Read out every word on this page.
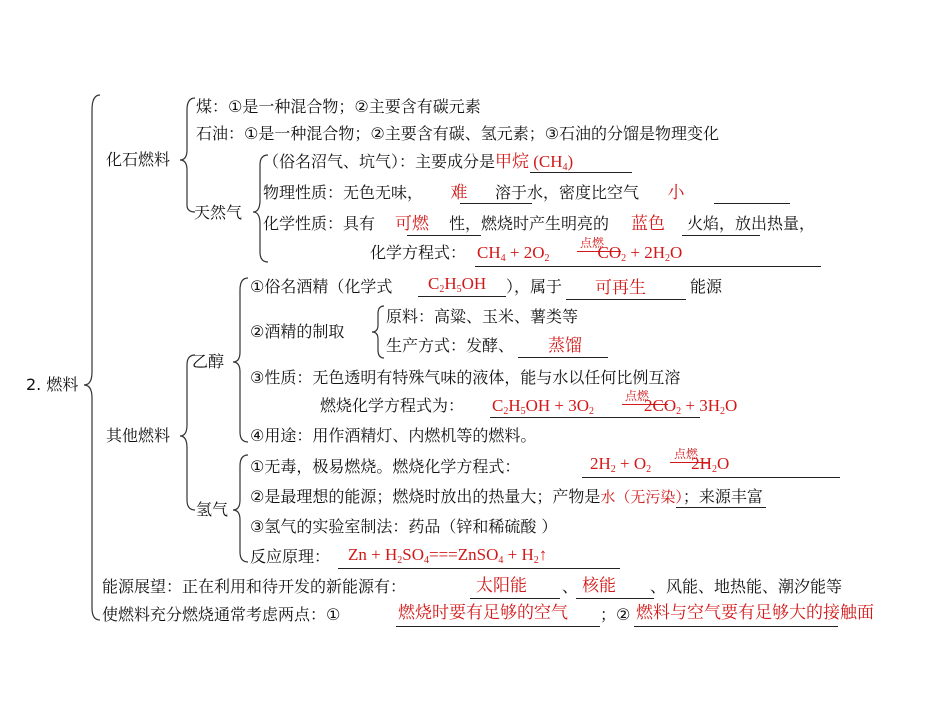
2. 燃料
化石燃料
煤：①是一种混合物；②主要含有碳元素
石油：①是一种混合物；②主要含有碳、氢元素；③石油的分馏是物理变化
天然气
（俗名沼气、坑气）：主要成分是甲烷 $(CH_4)$
物理性质：无色无味， 难 溶于水，密度比空气 小
化学性质：具有 可燃 性，燃烧时产生明亮的 蓝色 火焰，放出热量，
化学方程式： $CH_4 + 2O_2$	$CO_2 + 2H_2O$
点燃
其他燃料
乙醇
①俗名酒精（化学式 $C_2H_5OH$ ），属于 可再生	能源
②酒精的制取
原料：高粱、玉米、薯类等
生产方式：发酵、 蒸馏
③性质：无色透明有特殊气味的液体，能与水以任何比例互溶
燃烧化学方程式为： $C_2H_5OH + 3O_2$	$2CO_2 + 3H_2O$
点燃
④用途：用作酒精灯、内燃机等的燃料。
氢气
①无毒，极易燃烧。燃烧化学方程式：	$2H_2 + O_2$ $2H_2O$
点燃
②是最理想的能源；燃烧时放出的热量大；产物是水（无污染）；来源丰富
③氢气的实验室制法：药品（锌和稀硫酸 ）
反应原理： $Zn + H_2SO_4===ZnSO_4$ + $H_2↑$
能源展望：正在利用和待开发的新能源有：	太阳能 、 核能 、风能、地热能、潮汐能等
使燃料充分燃烧通常考虑两点：①	燃烧时要有足够的空气 ；② 燃料与空气要有足够大的接触面
